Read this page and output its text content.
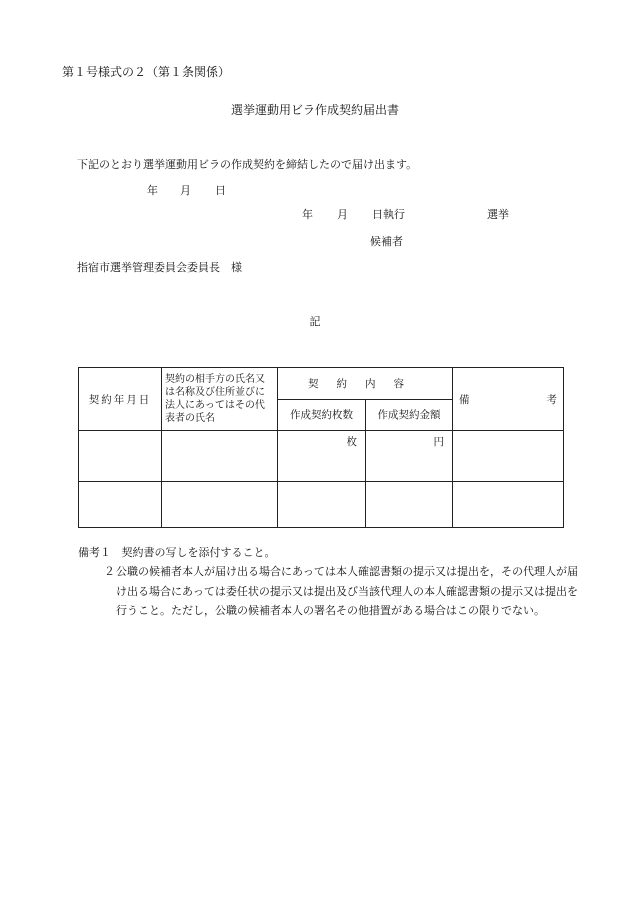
第１号様式の２（第１条関係）
選挙運動用ビラ作成契約届出書
下記のとおり選挙運動用ビラの作成契約を締結したので届け出ます。
年 月 日
年 月 日執行	選挙
候補者
指宿市選挙管理委員会委員長　様
記
契約年月日	契約の相手方の氏名又は名称及び住所並びに法人にあってはその代表者の氏名	契約内容		備 考

		作成契約枚数	作成契約金額	
		枚	円	

備考１ 契約書の写しを添付すること。
２ 公職の候補者本人が届け出る場合にあっては本人確認書類の提示又は提出を，その代理人が届け出る場合にあっては委任状の提示又は提出及び当該代理人の本人確認書類の提示又は提出を行うこと。ただし，公職の候補者本人の署名その他措置がある場合はこの限りでない。
